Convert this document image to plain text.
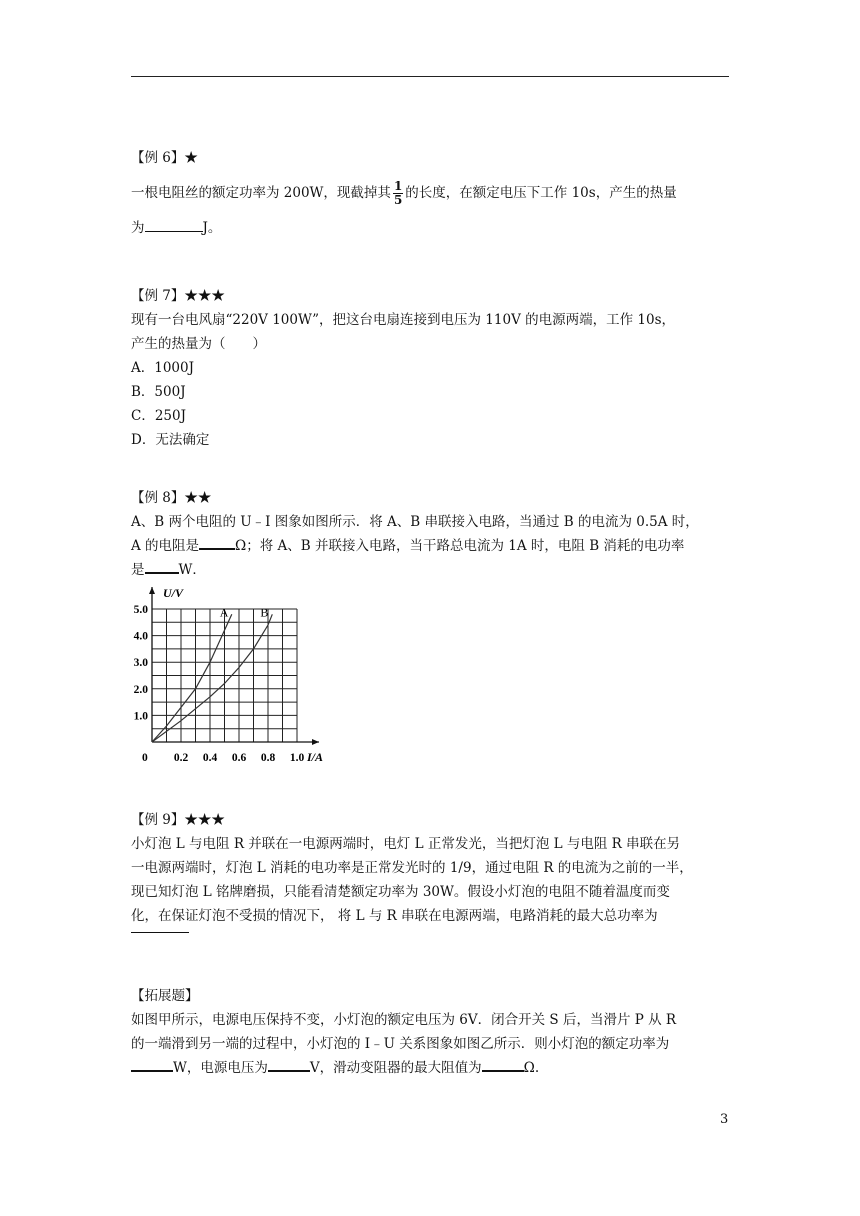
【例 6】★
一根电阻丝的额定功率为 200W，现截掉其 $\frac{1}{5}$ 的长度，在额定电压下工作 10s，产生的热量
为	J。
【例 7】★★★
现有一台电风扇“220V 100W”，把这台电扇连接到电压为 110V 的电源两端，工作 10s，
产生的热量为（　　）
A．1000J
B．500J
C．250J
D．无法确定
【例 8】★★
A、B 两个电阻的 U﹣I 图象如图所示．将 A、B 串联接入电路，当通过 B 的电流为 0.5A 时，
A 的电阻是	Ω；将 A、B 并联接入电路，当干路总电流为 1A 时，电阻 B 消耗的电功率
是	W．
I/A
U/V
0 0.2 0.4 0.6 0.8 1.0
1.0
2.0
3.0
4.0
5.0	A	B
【例 9】★★★
小灯泡 L 与电阻 R 并联在一电源两端时，电灯 L 正常发光，当把灯泡 L 与电阻 R 串联在另
一电源两端时，灯泡 L 消耗的电功率是正常发光时的 1/9，通过电阻 R 的电流为之前的一半，
现已知灯泡 L 铭牌磨损，只能看清楚额定功率为 30W。假设小灯泡的电阻不随着温度而变
化，在保证灯泡不受损的情况下， 将 L 与 R 串联在电源两端，电路消耗的最大总功率为
【拓展题】
如图甲所示，电源电压保持不变，小灯泡的额定电压为 6V．闭合开关 S 后，当滑片 P 从 R
的一端滑到另一端的过程中，小灯泡的 I﹣U 关系图象如图乙所示．则小灯泡的额定功率为
W，电源电压为	V，滑动变阻器的最大阻值为	Ω.
3
